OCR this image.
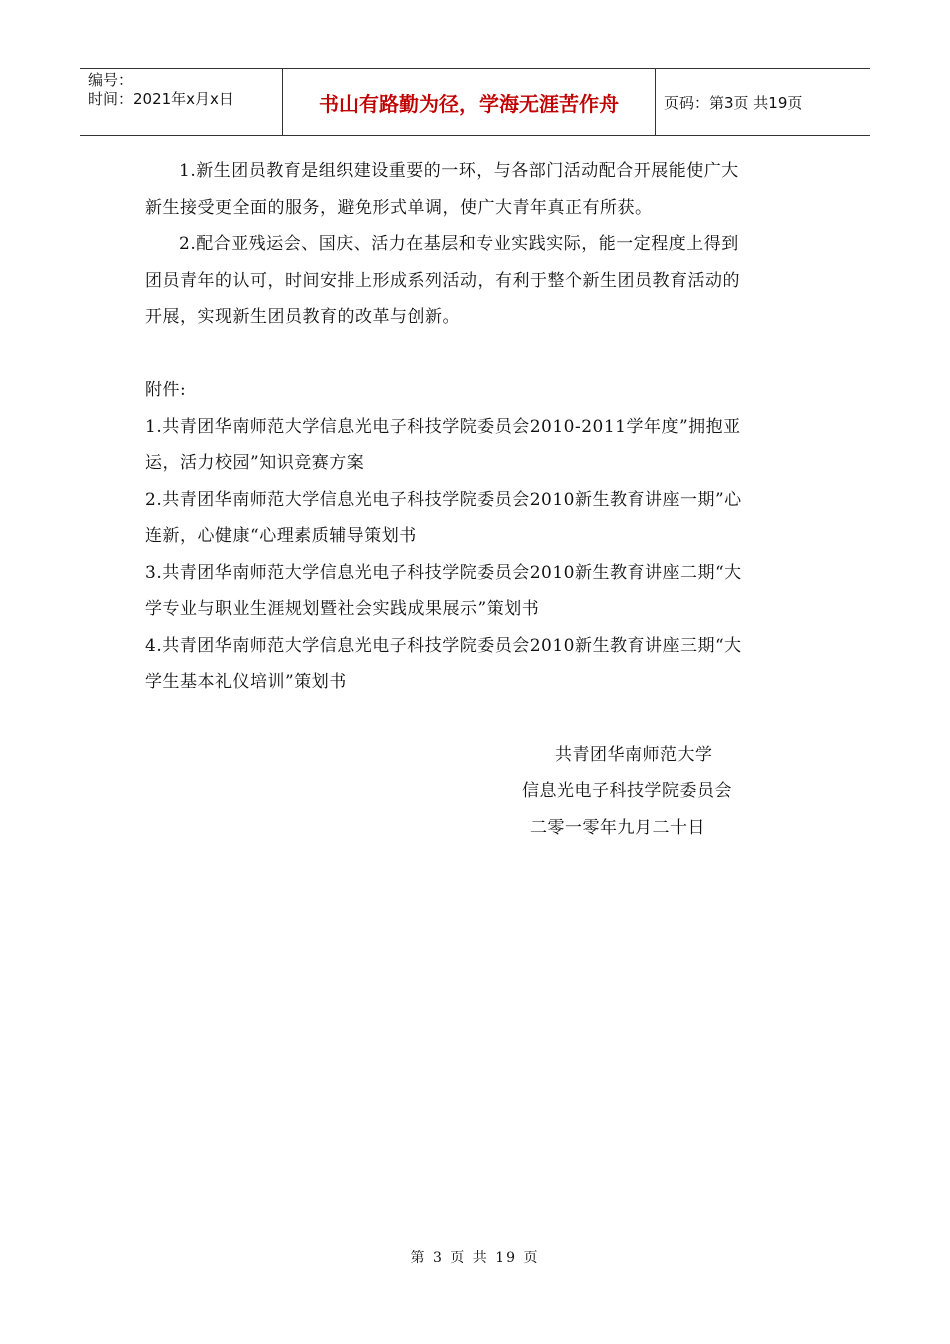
编号：
时间：2021年x月x日	书山有路勤为径，学海无涯苦作舟	页码：第3页 共19页
1.新生团员教育是组织建设重要的一环，与各部门活动配合开展能使广大
新生接受更全面的服务，避免形式单调，使广大青年真正有所获。
2.配合亚残运会、国庆、活力在基层和专业实践实际，能一定程度上得到
团员青年的认可，时间安排上形成系列活动，有利于整个新生团员教育活动的
开展，实现新生团员教育的改革与创新。
附件:
1.共青团华南师范大学信息光电子科技学院委员会2010-2011学年度”拥抱亚
运，活力校园”知识竞赛方案
2.共青团华南师范大学信息光电子科技学院委员会2010新生教育讲座一期”心
连新，心健康“心理素质辅导策划书
3.共青团华南师范大学信息光电子科技学院委员会2010新生教育讲座二期“大
学专业与职业生涯规划暨社会实践成果展示”策划书
4.共青团华南师范大学信息光电子科技学院委员会2010新生教育讲座三期“大
学生基本礼仪培训”策划书
共青团华南师范大学
信息光电子科技学院委员会
二零一零年九月二十日
第 3 页 共 19 页
